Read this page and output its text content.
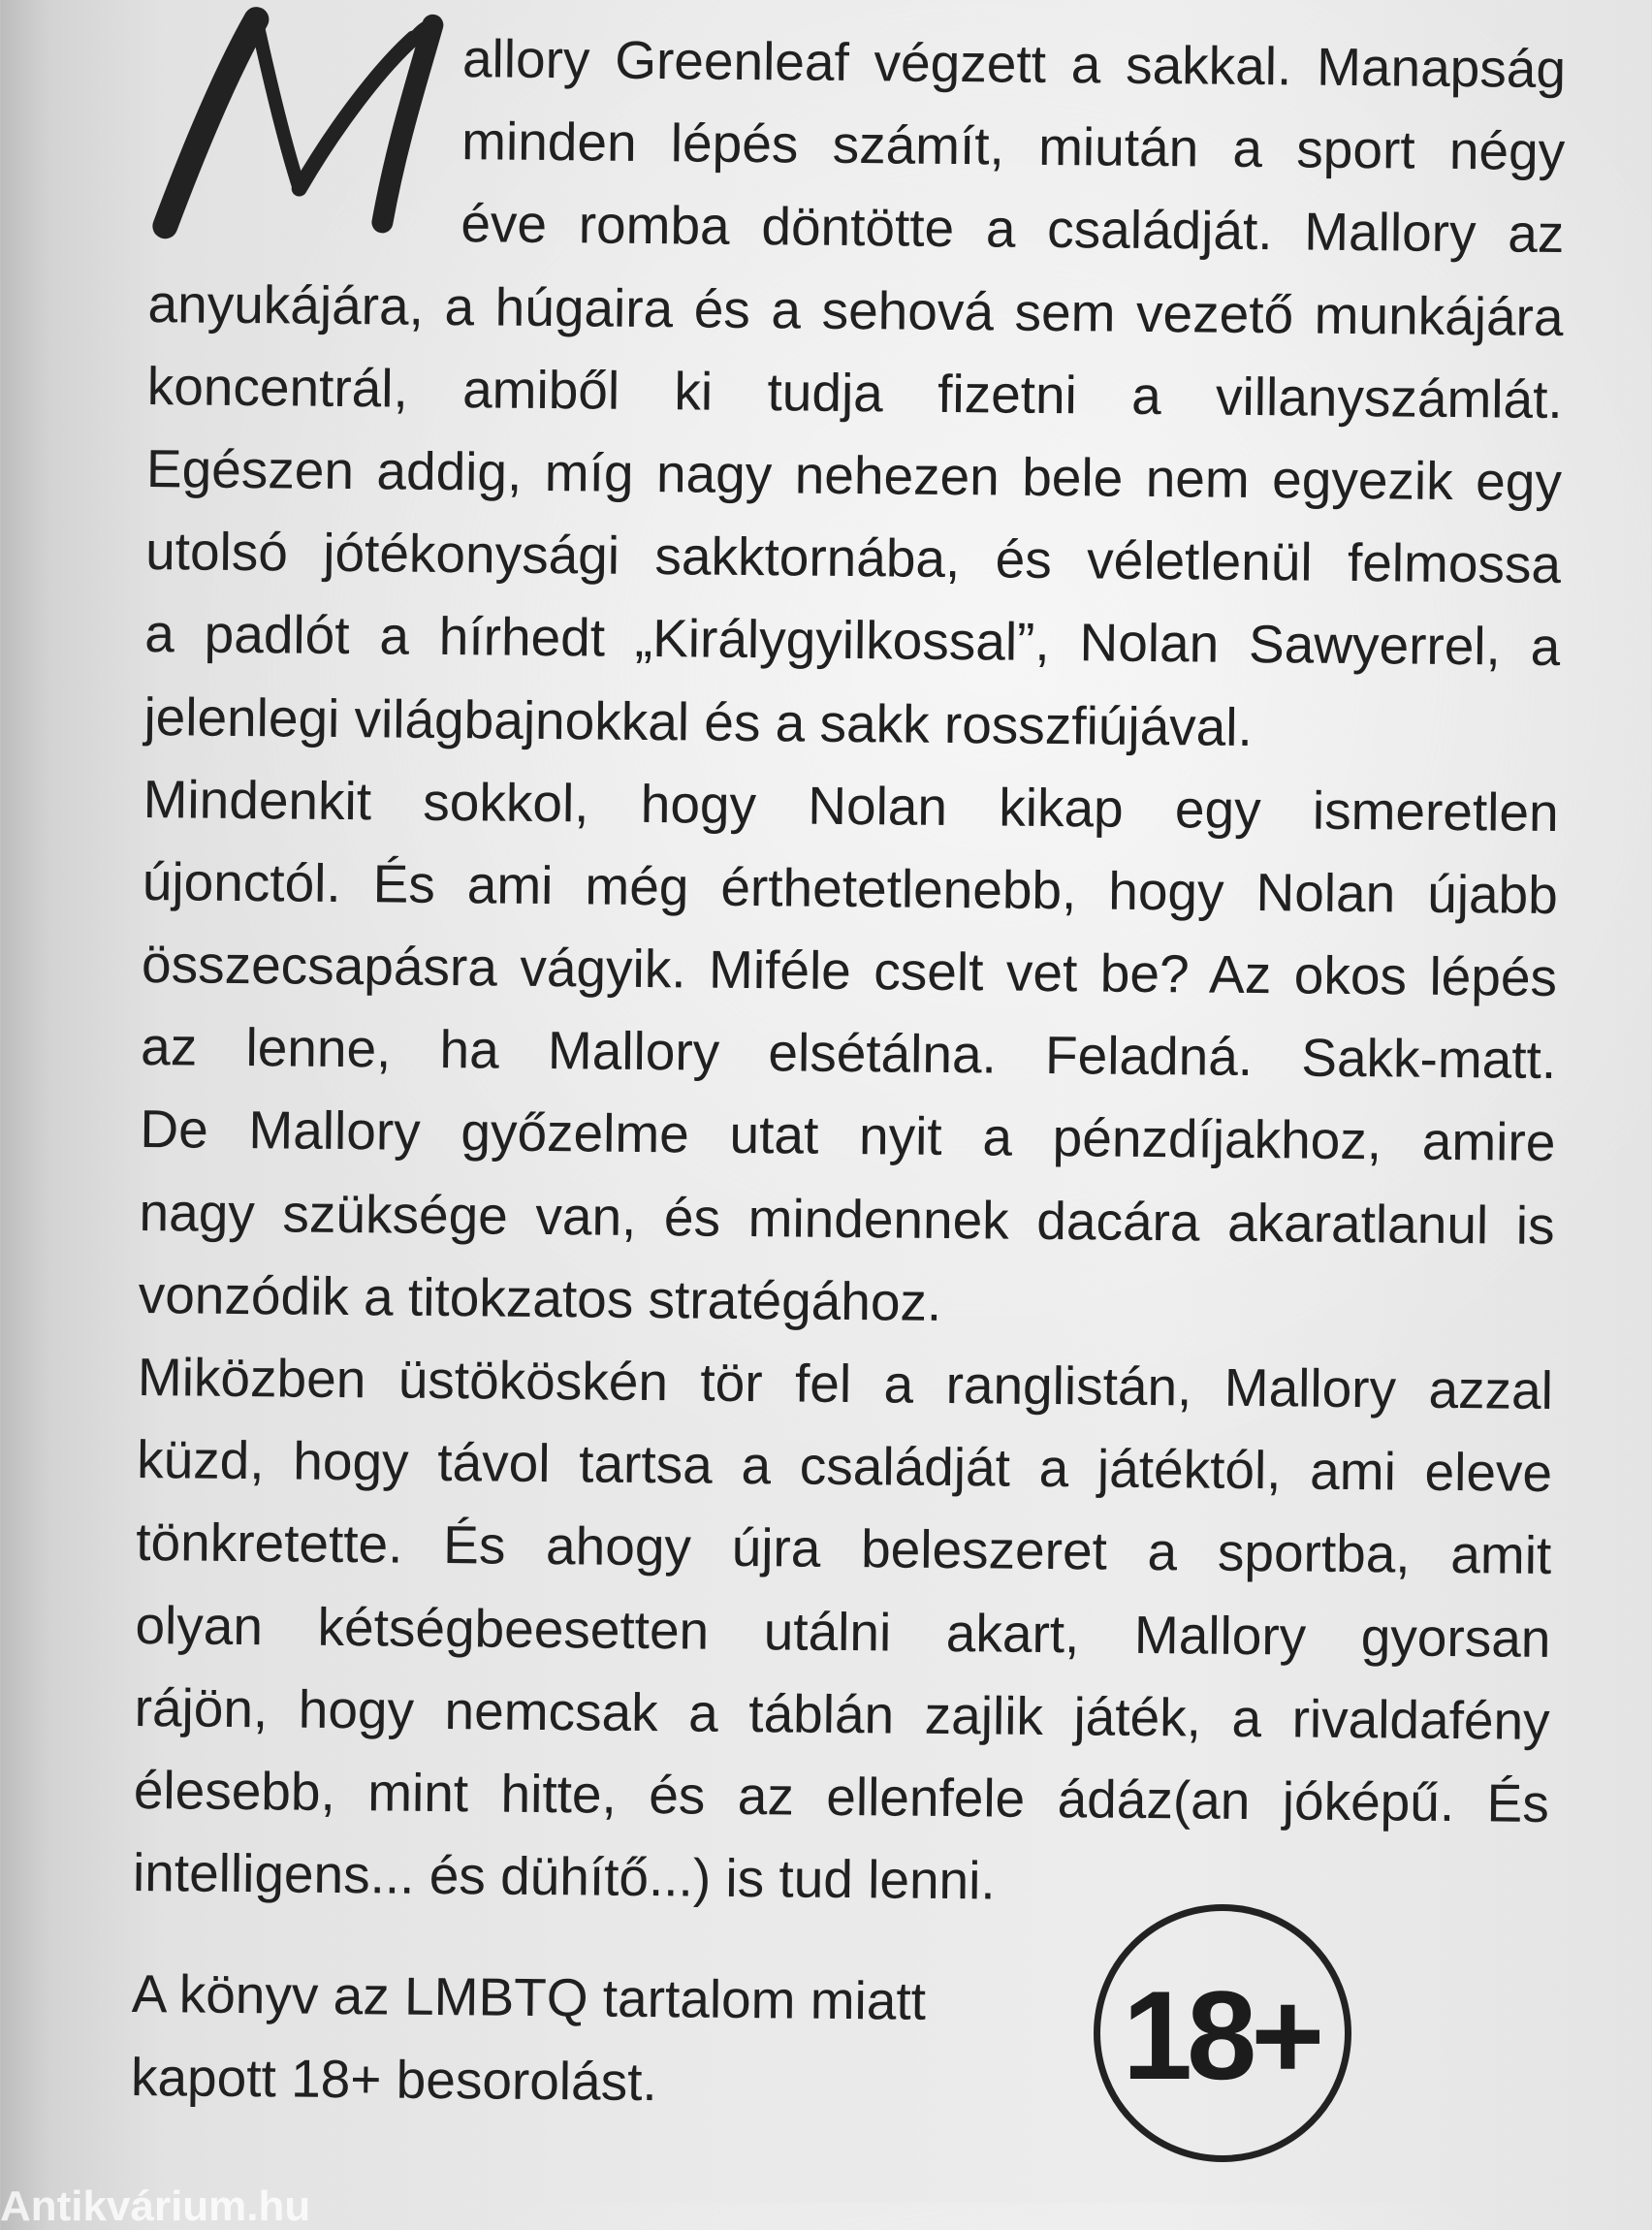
allory Greenleaf végzett a sakkal. Manapság
minden lépés számít, miután a sport négy
éve romba döntötte a családját. Mallory az
anyukájára, a húgaira és a sehová sem vezető munkájára
koncentrál, amiből ki tudja fizetni a villanyszámlát.
Egészen addig, míg nagy nehezen bele nem egyezik egy
utolsó jótékonysági sakktornába, és véletlenül felmossa
a padlót a hírhedt „Királygyilkossal”, Nolan Sawyerrel, a
jelenlegi világbajnokkal és a sakk rosszfiújával.
Mindenkit sokkol, hogy Nolan kikap egy ismeretlen
újonctól. És ami még érthetetlenebb, hogy Nolan újabb
összecsapásra vágyik. Miféle cselt vet be? Az okos lépés
az lenne, ha Mallory elsétálna. Feladná. Sakk-matt.
De Mallory győzelme utat nyit a pénzdíjakhoz, amire
nagy szüksége van, és mindennek dacára akaratlanul is
vonzódik a titokzatos stratégához.
Miközben üstököskén tör fel a ranglistán, Mallory azzal
küzd, hogy távol tartsa a családját a játéktól, ami eleve
tönkretette. És ahogy újra beleszeret a sportba, amit
olyan kétségbeesetten utálni akart, Mallory gyorsan
rájön, hogy nemcsak a táblán zajlik játék, a rivaldafény
élesebb, mint hitte, és az ellenfele ádáz(an jóképű. És
intelligens... és dühítő...) is tud lenni.
A könyv az LMBTQ tartalom miatt
kapott 18+ besorolást.	18+
Antikvárium.hu
